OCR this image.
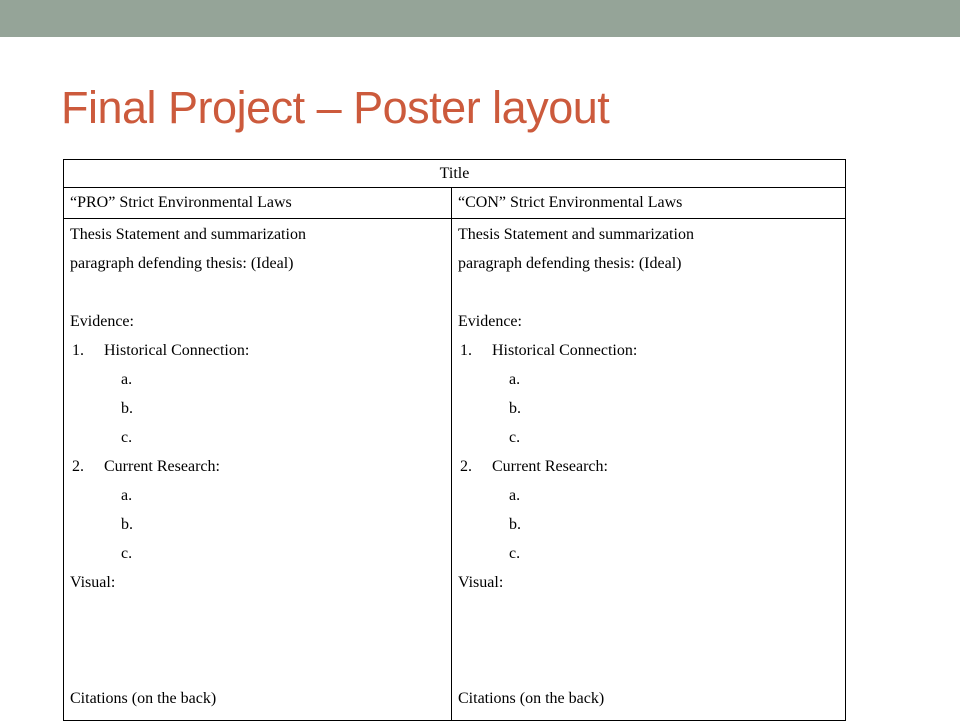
Final Project – Poster layout
Title
“PRO” Strict Environmental Laws	“CON” Strict Environmental Laws
Thesis Statement and summarization
paragraph defending thesis: (Ideal)
Evidence:
1. Historical Connection:
a.
b.
c.
2. Current Research:
a.
b.
c.
Visual:
Citations (on the back)
Thesis Statement and summarization
paragraph defending thesis: (Ideal)
Evidence:
1. Historical Connection:
a.
b.
c.
2. Current Research:
a.
b.
c.
Visual:
Citations (on the back)
